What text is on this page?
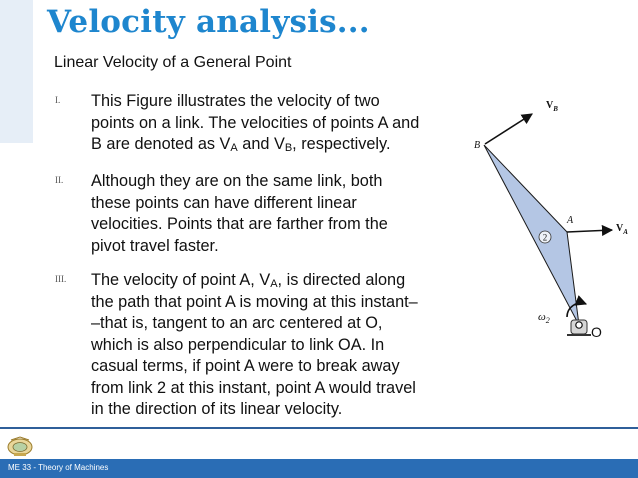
Velocity analysis...
Linear Velocity of a General Point
I. This Figure illustrates the velocity of two
points on a link. The velocities of points A and
B are denoted as $V_A$ and $V_B$, respectively.
II. Although they are on the same link, both
these points can have different linear
velocities. Points that are farther from the
pivot travel faster.
III. The velocity of point A, $V_A$, is directed along
the path that point A is moving at this instant–
–that is, tangent to an arc centered at O,
which is also perpendicular to link OA. In
casual terms, if point A were to break away
from link 2 at this instant, point A would travel
in the direction of its linear velocity.
2
$V_B$
B
A
$V_A$
$\omega_2$
O
ME 33 - Theory of Machines
